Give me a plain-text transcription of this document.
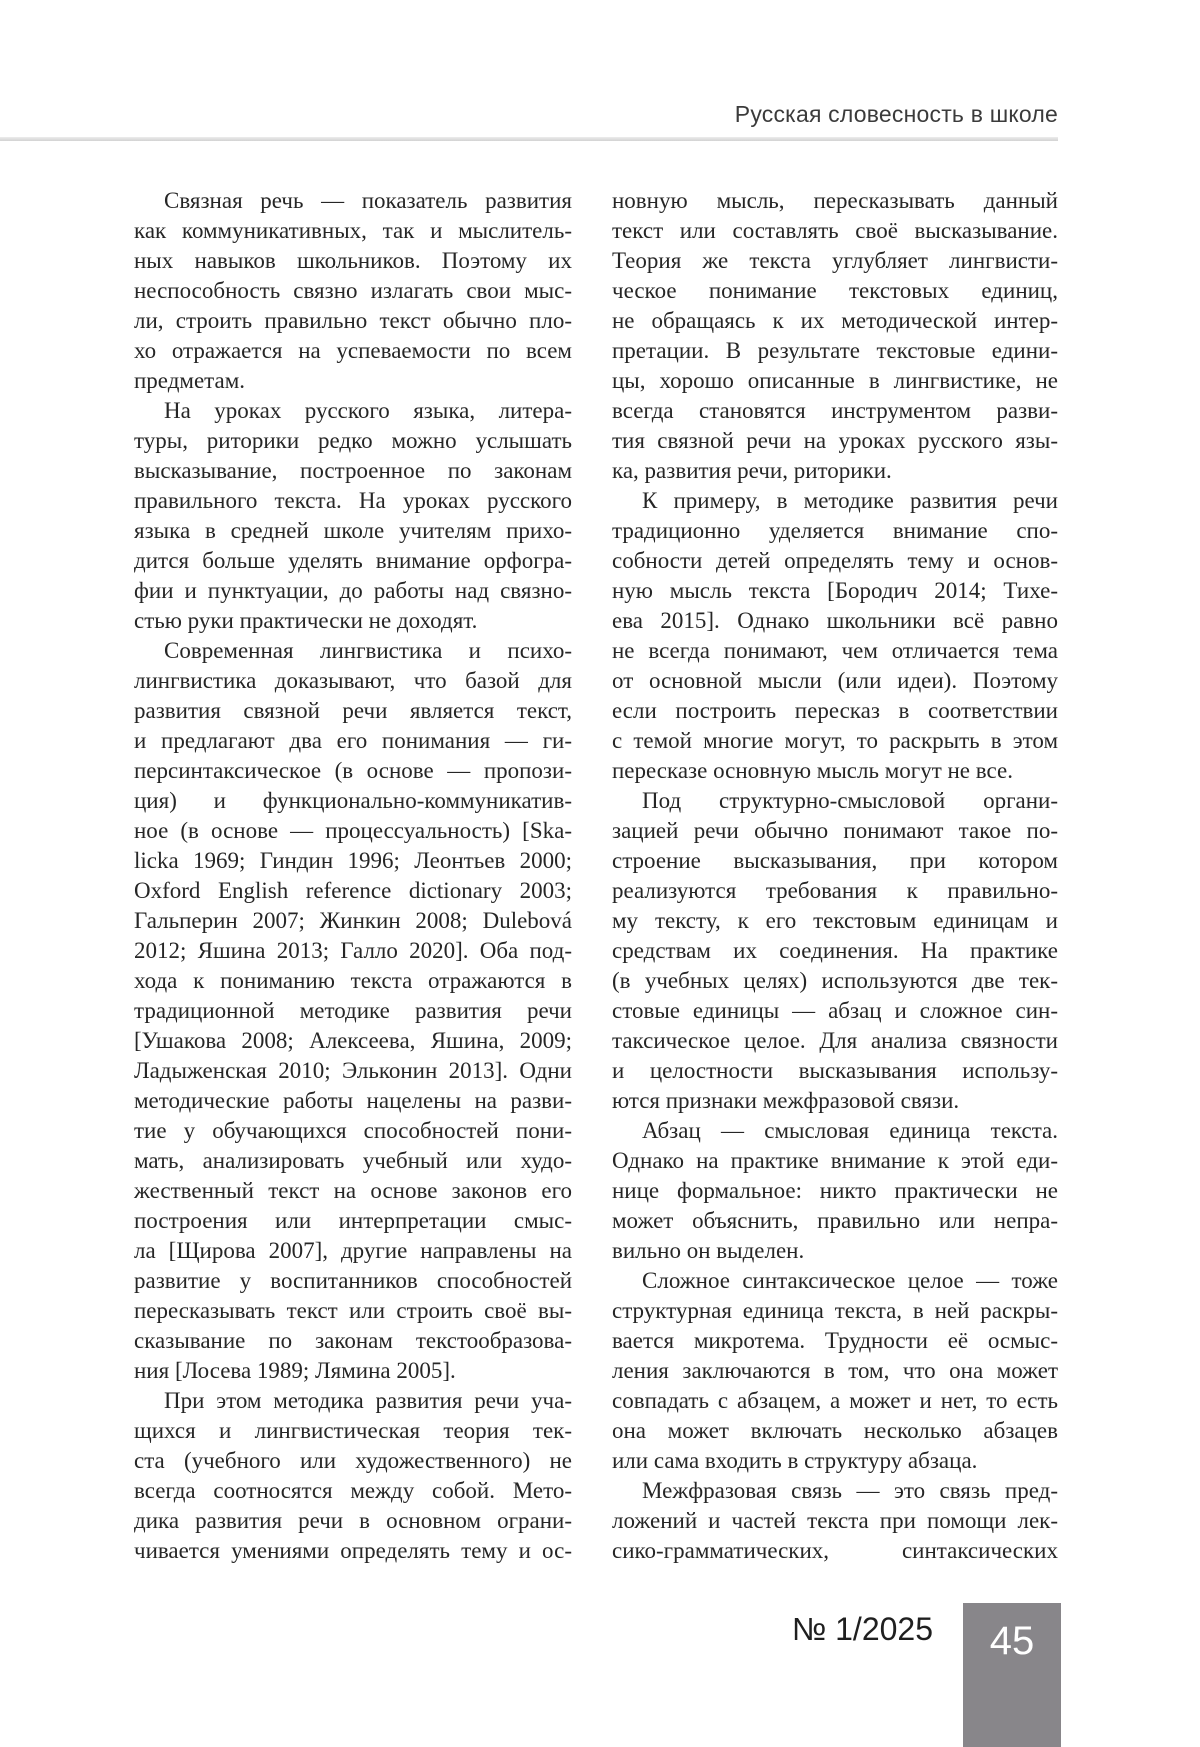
Русская словесность в школе
Связная речь — показатель развития
как коммуникативных, так и мыслитель-
ных навыков школьников. Поэтому их
неспособность связно излагать свои мыс-
ли, строить правильно текст обычно пло-
хо отражается на успеваемости по всем
предметам.
На уроках русского языка, литера-
туры, риторики редко можно услышать
высказывание, построенное по законам
правильного текста. На уроках русского
языка в средней школе учителям прихо-
дится больше уделять внимание орфогра-
фии и пунктуации, до работы над связно-
стью руки практически не доходят.
Современная лингвистика и психо-
лингвистика доказывают, что базой для
развития связной речи является текст,
и предлагают два его понимания — ги-
персинтаксическое (в основе — пропози-
ция) и функционально-коммуникатив-
ное (в основе — процессуальность) [Ska-
licka 1969; Гиндин 1996; Леонтьев 2000;
Oxford English reference dictionary 2003;
Гальперин 2007; Жинкин 2008; Dulebová
2012; Яшина 2013; Галло 2020]. Оба под-
хода к пониманию текста отражаются в
традиционной методике развития речи
[Ушакова 2008; Алексеева, Яшина, 2009;
Ладыженская 2010; Эльконин 2013]. Одни
методические работы нацелены на разви-
тие у обучающихся способностей пони-
мать, анализировать учебный или худо-
жественный текст на основе законов его
построения или интерпретации смыс-
ла [Щирова 2007], другие направлены на
развитие у воспитанников способностей
пересказывать текст или строить своё вы-
сказывание по законам текстообразова-
ния [Лосева 1989; Лямина 2005].
При этом методика развития речи уча-
щихся и лингвистическая теория тек-
ста (учебного или художественного) не
всегда соотносятся между собой. Мето-
дика развития речи в основном ограни-
чивается умениями определять тему и ос-
новную мысль, пересказывать данный
текст или составлять своё высказывание.
Теория же текста углубляет лингвисти-
ческое понимание текстовых единиц,
не обращаясь к их методической интер-
претации. В результате текстовые едини-
цы, хорошо описанные в лингвистике, не
всегда становятся инструментом разви-
тия связной речи на уроках русского язы-
ка, развития речи, риторики.
К примеру, в методике развития речи
традиционно уделяется внимание спо-
собности детей определять тему и основ-
ную мысль текста [Бородич 2014; Тихе-
ева 2015]. Однако школьники всё равно
не всегда понимают, чем отличается тема
от основной мысли (или идеи). Поэтому
если построить пересказ в соответствии
с темой многие могут, то раскрыть в этом
пересказе основную мысль могут не все.
Под структурно-смысловой органи-
зацией речи обычно понимают такое по-
строение высказывания, при котором
реализуются требования к правильно-
му тексту, к его текстовым единицам и
средствам их соединения. На практике
(в учебных целях) используются две тек-
стовые единицы — абзац и сложное син-
таксическое целое. Для анализа связности
и целостности высказывания использу-
ются признаки межфразовой связи.
Абзац — смысловая единица текста.
Однако на практике внимание к этой еди-
нице формальное: никто практически не
может объяснить, правильно или непра-
вильно он выделен.
Сложное синтаксическое целое — тоже
структурная единица текста, в ней раскры-
вается микротема. Трудности её осмыс-
ления заключаются в том, что она может
совпадать с абзацем, а может и нет, то есть
она может включать несколько абзацев
или сама входить в структуру абзаца.
Межфразовая связь — это связь пред-
ложений и частей текста при помощи лек-
сико-грамматических, синтаксических
№ 1/2025	45
